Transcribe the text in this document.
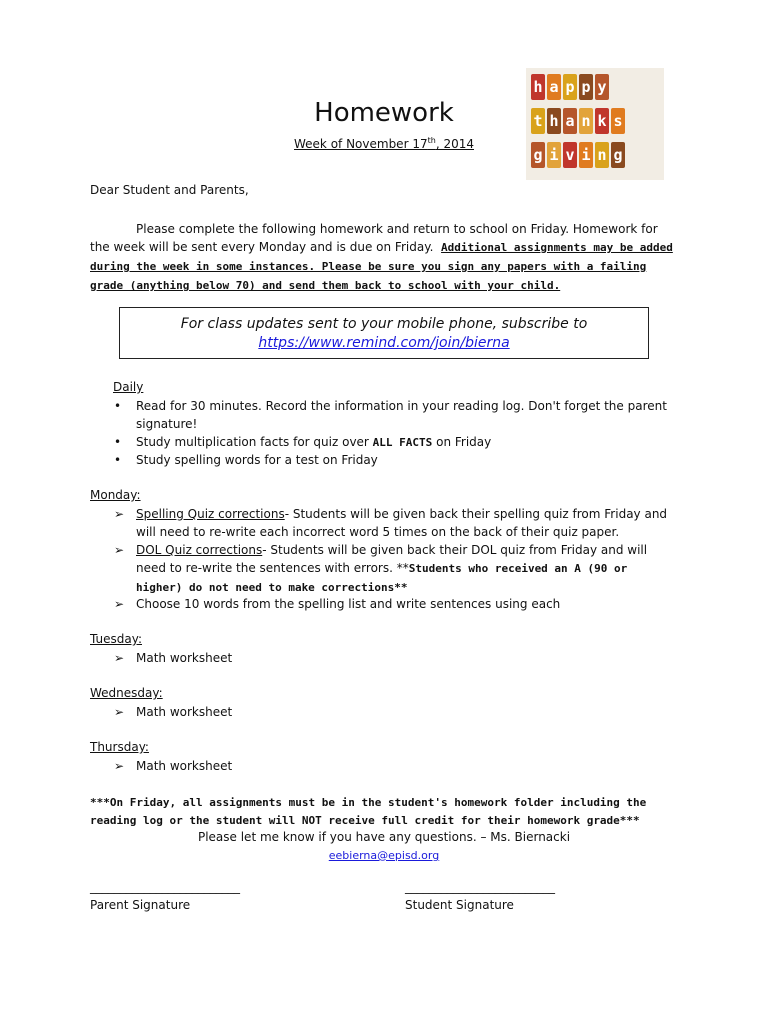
Homework
Week of November 17th, 2014
h a p p y
t h a n k s
g i v i n g
Dear Student and Parents,
Please complete the following homework and return to school on Friday. Homework for the week will be sent every Monday and is due on Friday. Additional assignments may be added during the week in some instances. Please be sure you sign any papers with a failing grade (anything below 70) and send them back to school with your child.
For class updates sent to your mobile phone, subscribe to
https://www.remind.com/join/bierna
Daily
• Read for 30 minutes. Record the information in your reading log. Don't forget the parent signature!
• Study multiplication facts for quiz over ALL FACTS on Friday
• Study spelling words for a test on Friday
Monday:
➢ Spelling Quiz corrections- Students will be given back their spelling quiz from Friday and will need to re-write each incorrect word 5 times on the back of their quiz paper.
➢ DOL Quiz corrections- Students will be given back their DOL quiz from Friday and will need to re-write the sentences with errors. **Students who received an A (90 or higher) do not need to make corrections**
➢ Choose 10 words from the spelling list and write sentences using each
Tuesday:
➢ Math worksheet
Wednesday:
➢ Math worksheet
Thursday:
➢ Math worksheet
***On Friday, all assignments must be in the student's homework folder including the reading log or the student will NOT receive full credit for their homework grade***
Please let me know if you have any questions. – Ms. Biernacki
eebierna@episd.org
_________________________
Parent Signature
_________________________
Student Signature
